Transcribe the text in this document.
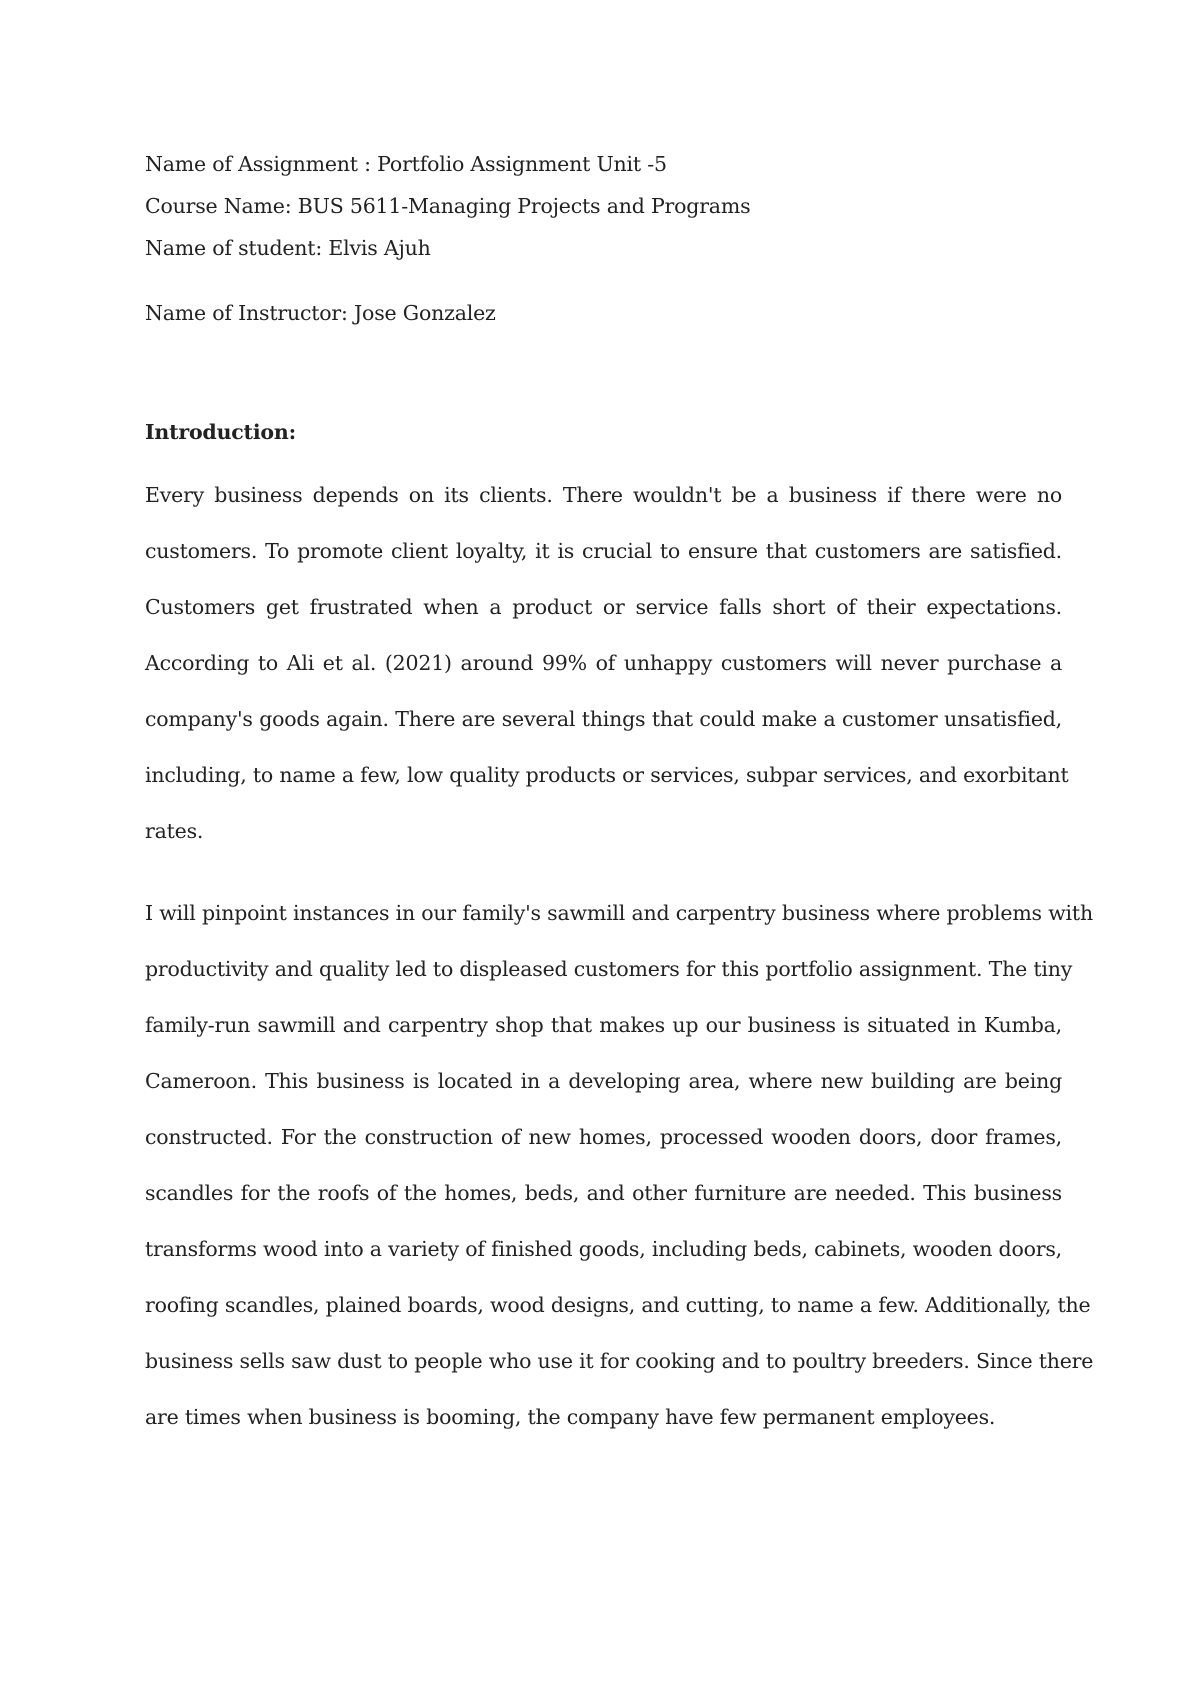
Name of Assignment : Portfolio Assignment Unit -5
Course Name: BUS 5611-Managing Projects and Programs
Name of student: Elvis Ajuh
Name of Instructor: Jose Gonzalez
Introduction:
Every business depends on its clients. There wouldn't be a business if there were no
customers. To promote client loyalty, it is crucial to ensure that customers are satisfied.
Customers get frustrated when a product or service falls short of their expectations.
According to Ali et al. (2021) around 99% of unhappy customers will never purchase a
company's goods again. There are several things that could make a customer unsatisfied,
including, to name a few, low quality products or services, subpar services, and exorbitant
rates.
I will pinpoint instances in our family's sawmill and carpentry business where problems with
productivity and quality led to displeased customers for this portfolio assignment. The tiny
family-run sawmill and carpentry shop that makes up our business is situated in Kumba,
Cameroon. This business is located in a developing area, where new building are being
constructed. For the construction of new homes, processed wooden doors, door frames,
scandles for the roofs of the homes, beds, and other furniture are needed. This business
transforms wood into a variety of finished goods, including beds, cabinets, wooden doors,
roofing scandles, plained boards, wood designs, and cutting, to name a few. Additionally, the
business sells saw dust to people who use it for cooking and to poultry breeders. Since there
are times when business is booming, the company have few permanent employees.
